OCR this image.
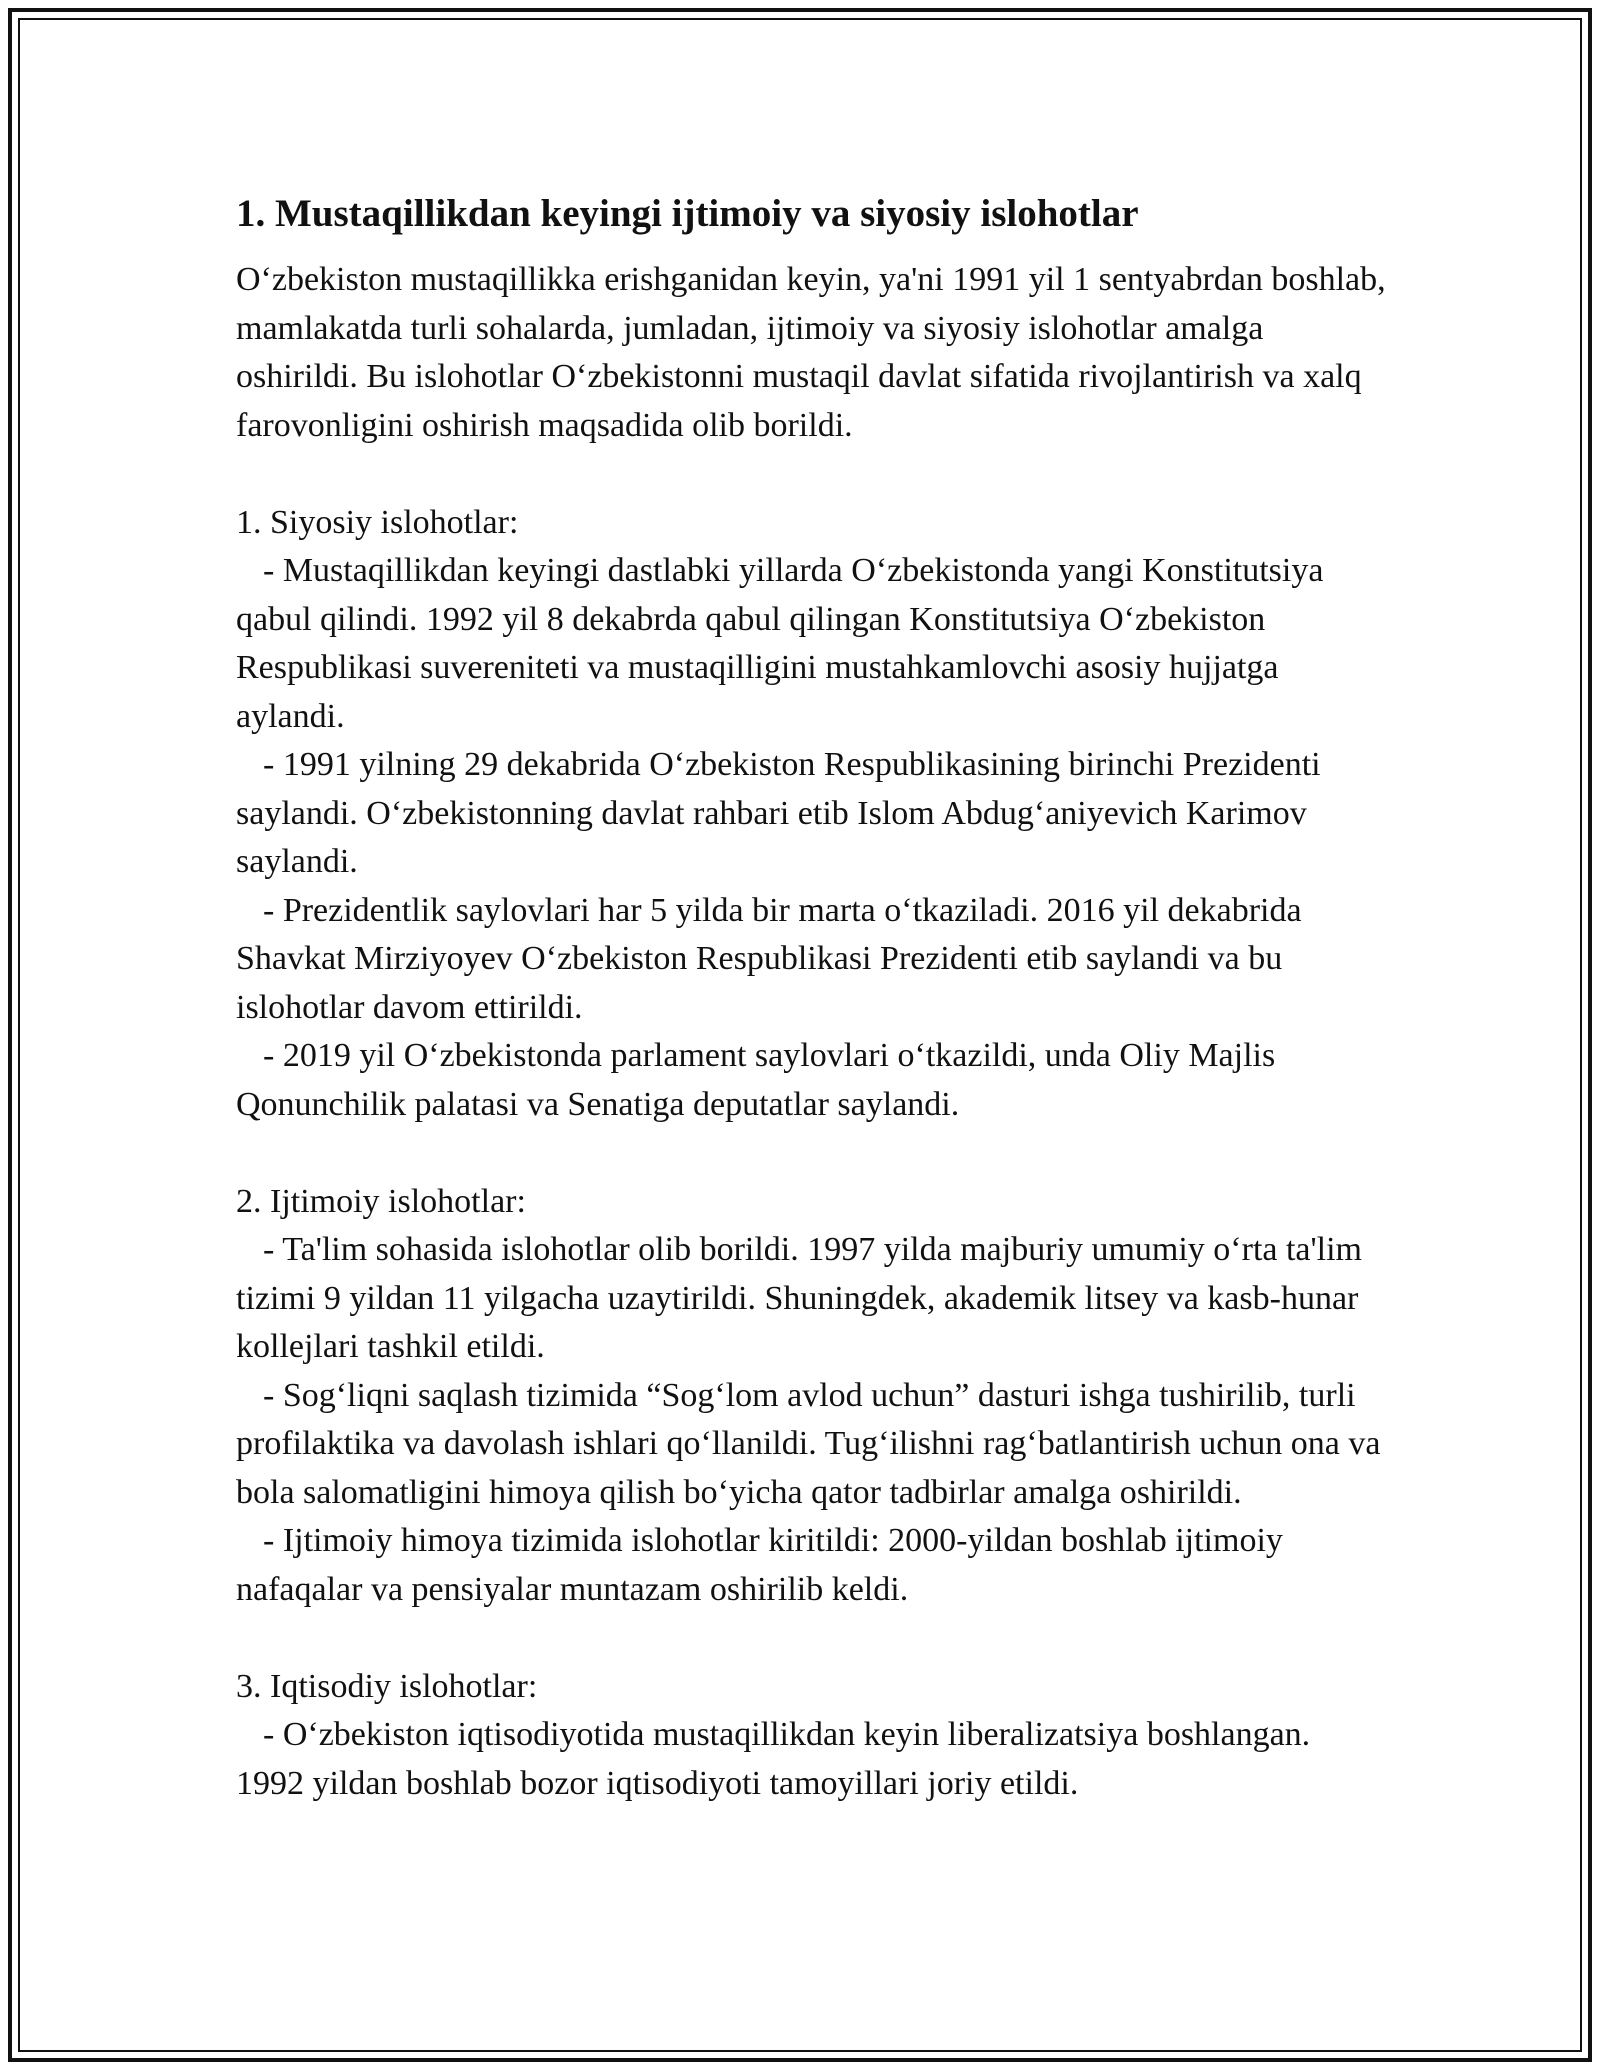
1. Mustaqillikdan keyingi ijtimoiy va siyosiy islohotlar

O‘zbekiston mustaqillikka erishganidan keyin, ya'ni 1991 yil 1 sentyabrdan boshlab, mamlakatda turli sohalarda, jumladan, ijtimoiy va siyosiy islohotlar amalga oshirildi. Bu islohotlar O‘zbekistonni mustaqil davlat sifatida rivojlantirish va xalq farovonligini oshirish maqsadida olib borildi.

1. Siyosiy islohotlar:

- Mustaqillikdan keyingi dastlabki yillarda O‘zbekistonda yangi Konstitutsiya qabul qilindi. 1992 yil 8 dekabrda qabul qilingan Konstitutsiya O‘zbekiston Respublikasi suvereniteti va mustaqilligini mustahkamlovchi asosiy hujjatga aylandi.

- 1991 yilning 29 dekabrida O‘zbekiston Respublikasining birinchi Prezidenti saylandi. O‘zbekistonning davlat rahbari etib Islom Abdug‘aniyevich Karimov saylandi.

- Prezidentlik saylovlari har 5 yilda bir marta o‘tkaziladi. 2016 yil dekabrida Shavkat Mirziyoyev O‘zbekiston Respublikasi Prezidenti etib saylandi va bu islohotlar davom ettirildi.

- 2019 yil O‘zbekistonda parlament saylovlari o‘tkazildi, unda Oliy Majlis Qonunchilik palatasi va Senatiga deputatlar saylandi.

2. Ijtimoiy islohotlar:

- Ta'lim sohasida islohotlar olib borildi. 1997 yilda majburiy umumiy o‘rta ta'lim tizimi 9 yildan 11 yilgacha uzaytirildi. Shuningdek, akademik litsey va kasb-hunar kollejlari tashkil etildi.

- Sog‘liqni saqlash tizimida “Sog‘lom avlod uchun” dasturi ishga tushirilib, turli profilaktika va davolash ishlari qo‘llanildi. Tug‘ilishni rag‘batlantirish uchun ona va bola salomatligini himoya qilish bo‘yicha qator tadbirlar amalga oshirildi.

- Ijtimoiy himoya tizimida islohotlar kiritildi: 2000-yildan boshlab ijtimoiy nafaqalar va pensiyalar muntazam oshirilib keldi.

3. Iqtisodiy islohotlar:

- O‘zbekiston iqtisodiyotida mustaqillikdan keyin liberalizatsiya boshlangan. 1992 yildan boshlab bozor iqtisodiyoti tamoyillari joriy etildi.
